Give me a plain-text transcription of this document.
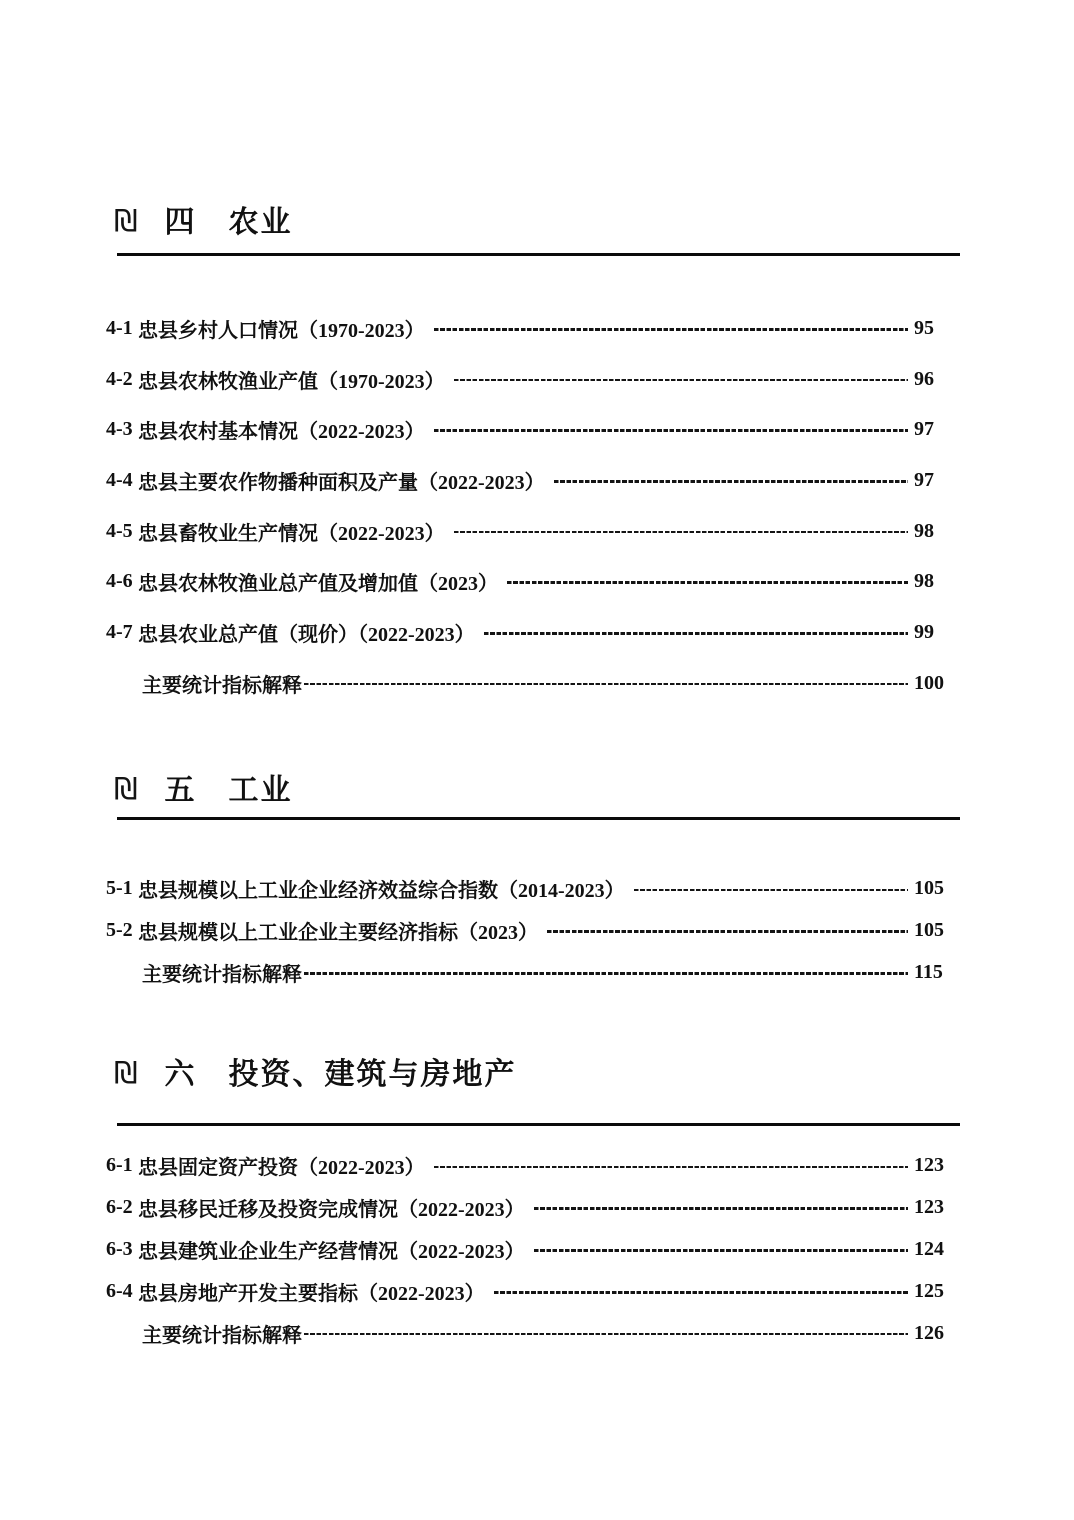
₪ 四　农业
4-1 忠县乡村人口情况（1970-2023）	95
4-2 忠县农林牧渔业产值（1970-2023）	96
4-3 忠县农村基本情况（2022-2023）	97
4-4 忠县主要农作物播种面积及产量（2022-2023）	97
4-5 忠县畜牧业生产情况（2022-2023）	98
4-6 忠县农林牧渔业总产值及增加值（2023）	98
4-7 忠县农业总产值（现价）（2022-2023）	99
主要统计指标解释	100
₪ 五　工业
5-1 忠县规模以上工业企业经济效益综合指数（2014-2023）	105
5-2 忠县规模以上工业企业主要经济指标（2023）	105
主要统计指标解释	115
₪ 六　投资、建筑与房地产
6-1 忠县固定资产投资（2022-2023）	123
6-2 忠县移民迁移及投资完成情况（2022-2023）	123
6-3 忠县建筑业企业生产经营情况（2022-2023）	124
6-4 忠县房地产开发主要指标（2022-2023）	125
主要统计指标解释	126
